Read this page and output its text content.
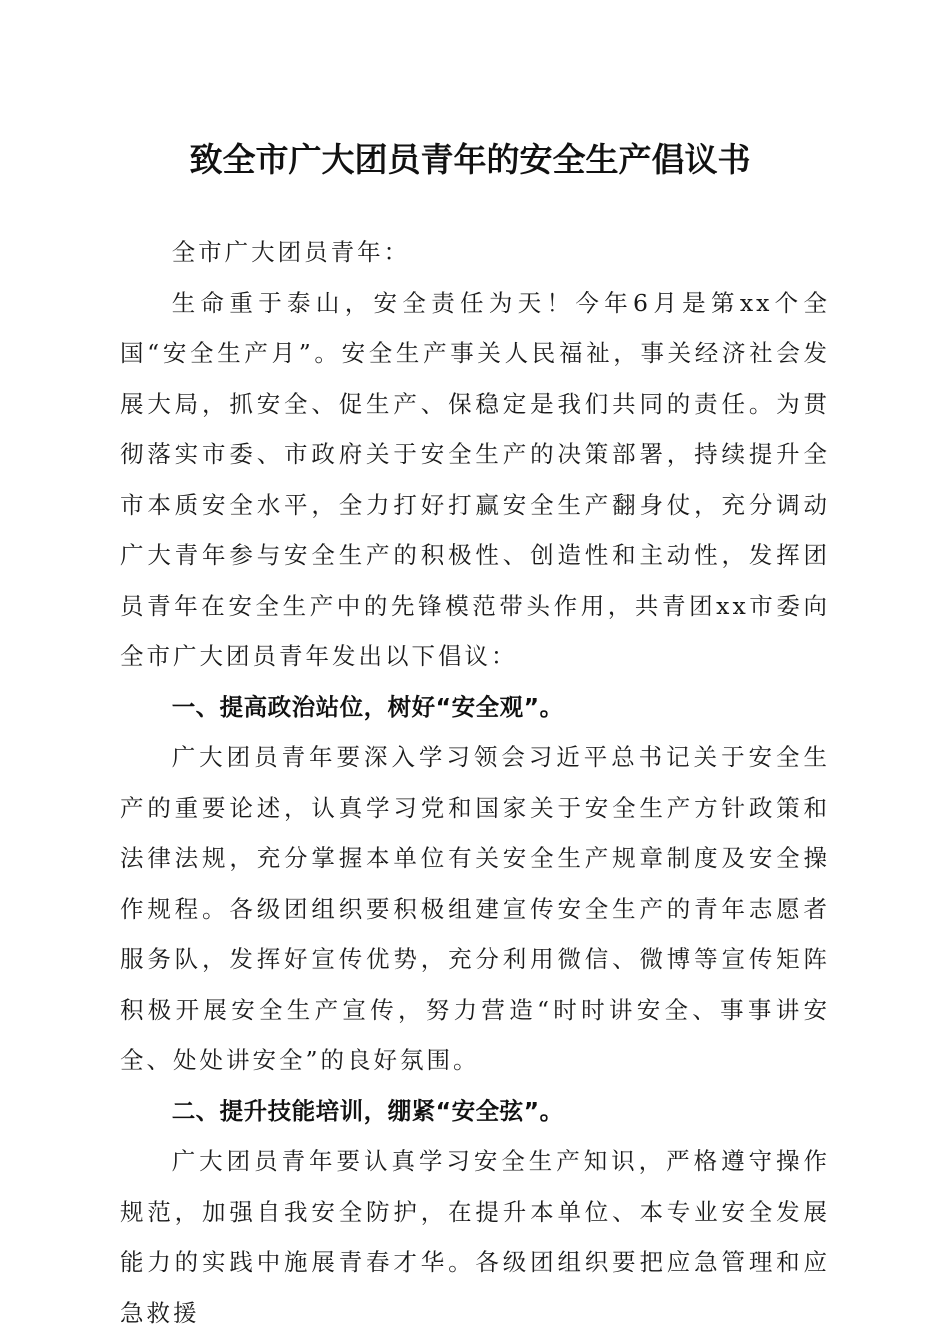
致全市广大团员青年的安全生产倡议书

全市广大团员青年：

生命重于泰山，安全责任为天！今年6月是第xx个全国“安全生产月”。安全生产事关人民福祉，事关经济社会发展大局，抓安全、促生产、保稳定是我们共同的责任。为贯彻落实市委、市政府关于安全生产的决策部署，持续提升全市本质安全水平，全力打好打赢安全生产翻身仗，充分调动广大青年参与安全生产的积极性、创造性和主动性，发挥团员青年在安全生产中的先锋模范带头作用，共青团xx市委向全市广大团员青年发出以下倡议：

一、提高政治站位，树好“安全观”。

广大团员青年要深入学习领会习近平总书记关于安全生产的重要论述，认真学习党和国家关于安全生产方针政策和法律法规，充分掌握本单位有关安全生产规章制度及安全操作规程。各级团组织要积极组建宣传安全生产的青年志愿者服务队，发挥好宣传优势，充分利用微信、微博等宣传矩阵积极开展安全生产宣传，努力营造“时时讲安全、事事讲安全、处处讲安全”的良好氛围。

二、提升技能培训，绷紧“安全弦”。

广大团员青年要认真学习安全生产知识，严格遵守操作规范，加强自我安全防护，在提升本单位、本专业安全发展能力的实践中施展青春才华。各级团组织要把应急管理和应急救援
